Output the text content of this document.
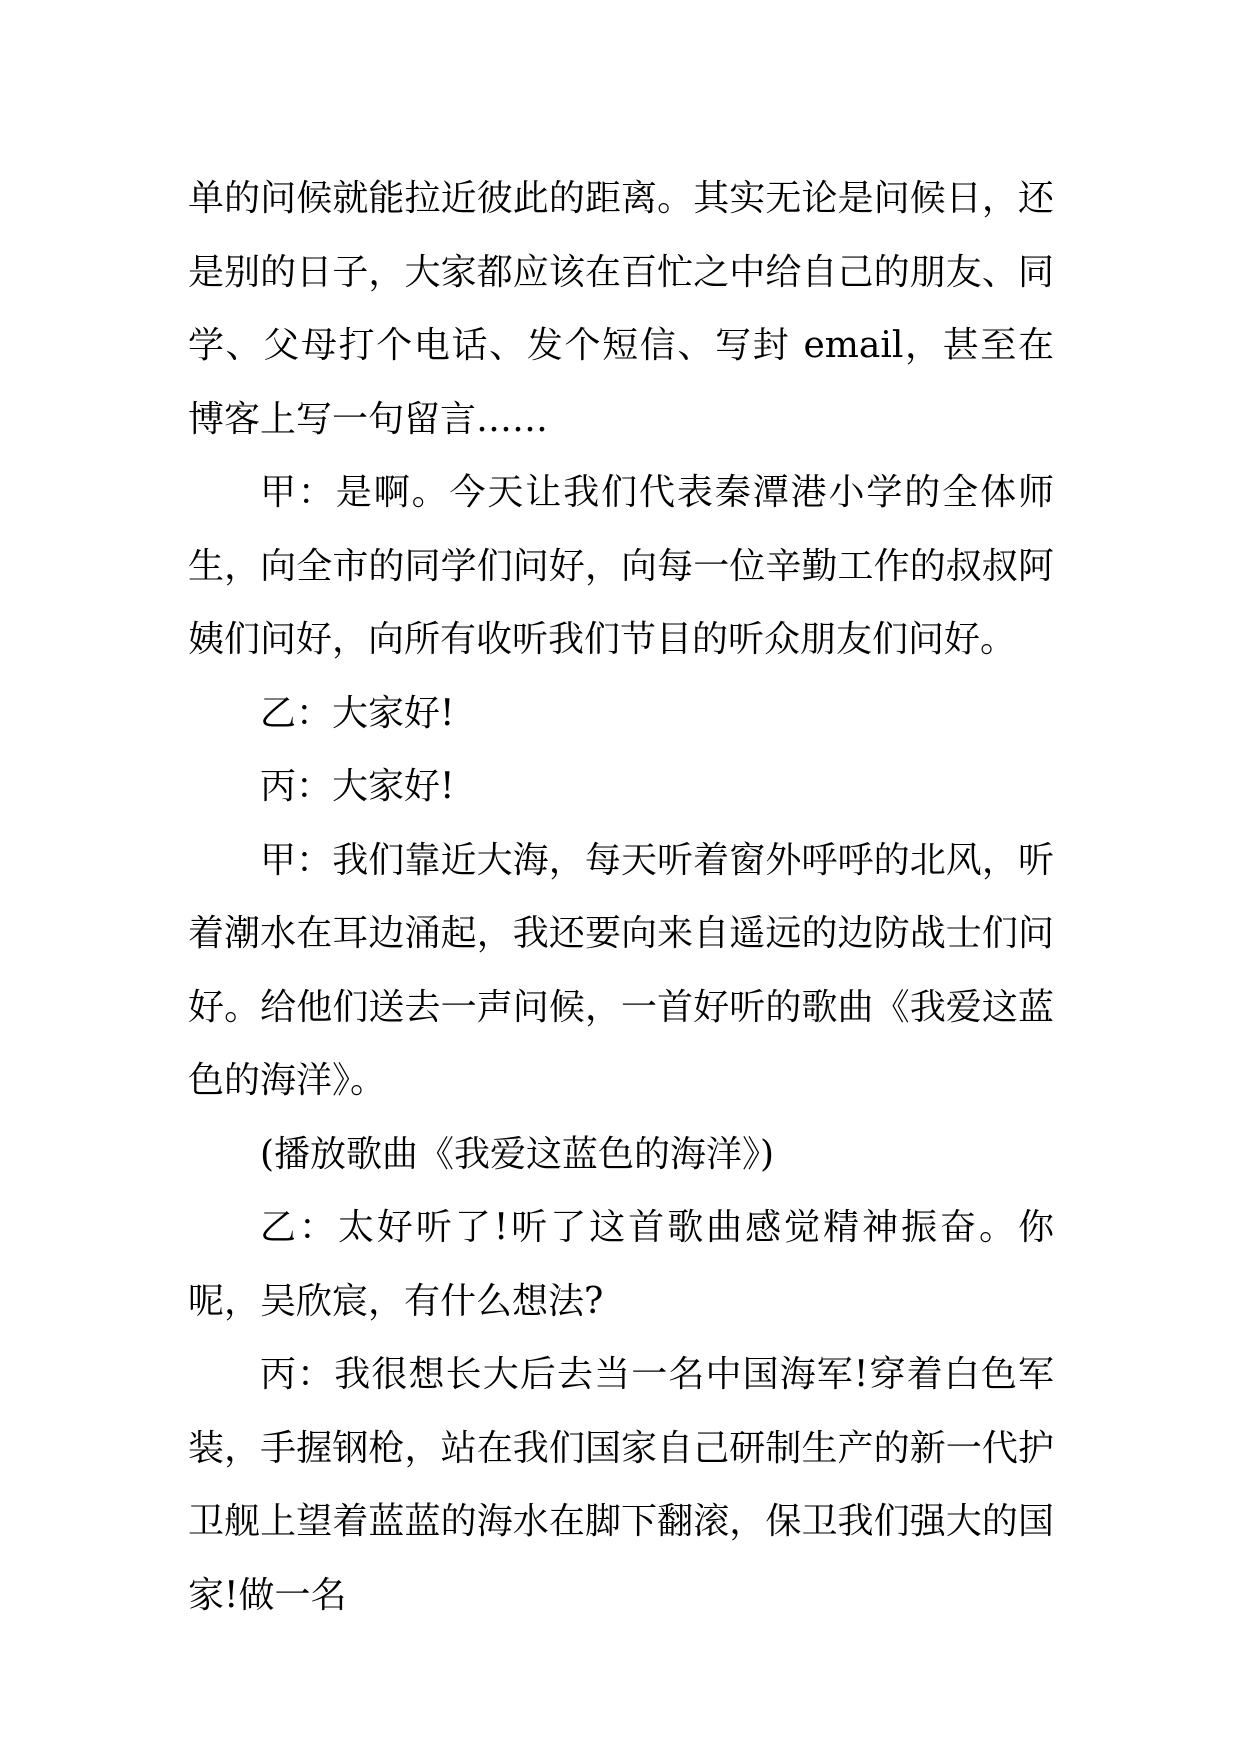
单的问候就能拉近彼此的距离。其实无论是问候日，还是别的日子，大家都应该在百忙之中给自己的朋友、同学、父母打个电话、发个短信、写封 email，甚至在博客上写一句留言……

甲：是啊。今天让我们代表秦潭港小学的全体师生，向全市的同学们问好，向每一位辛勤工作的叔叔阿姨们问好，向所有收听我们节目的听众朋友们问好。

乙：大家好!

丙：大家好!

甲：我们靠近大海，每天听着窗外呼呼的北风，听着潮水在耳边涌起，我还要向来自遥远的边防战士们问好。给他们送去一声问候，一首好听的歌曲《我爱这蓝色的海洋》。

(播放歌曲《我爱这蓝色的海洋》)

乙：太好听了!听了这首歌曲感觉精神振奋。你呢，吴欣宸，有什么想法?

丙：我很想长大后去当一名中国海军!穿着白色军装，手握钢枪，站在我们国家自己研制生产的新一代护卫舰上望着蓝蓝的海水在脚下翻滚，保卫我们强大的国家!做一名
